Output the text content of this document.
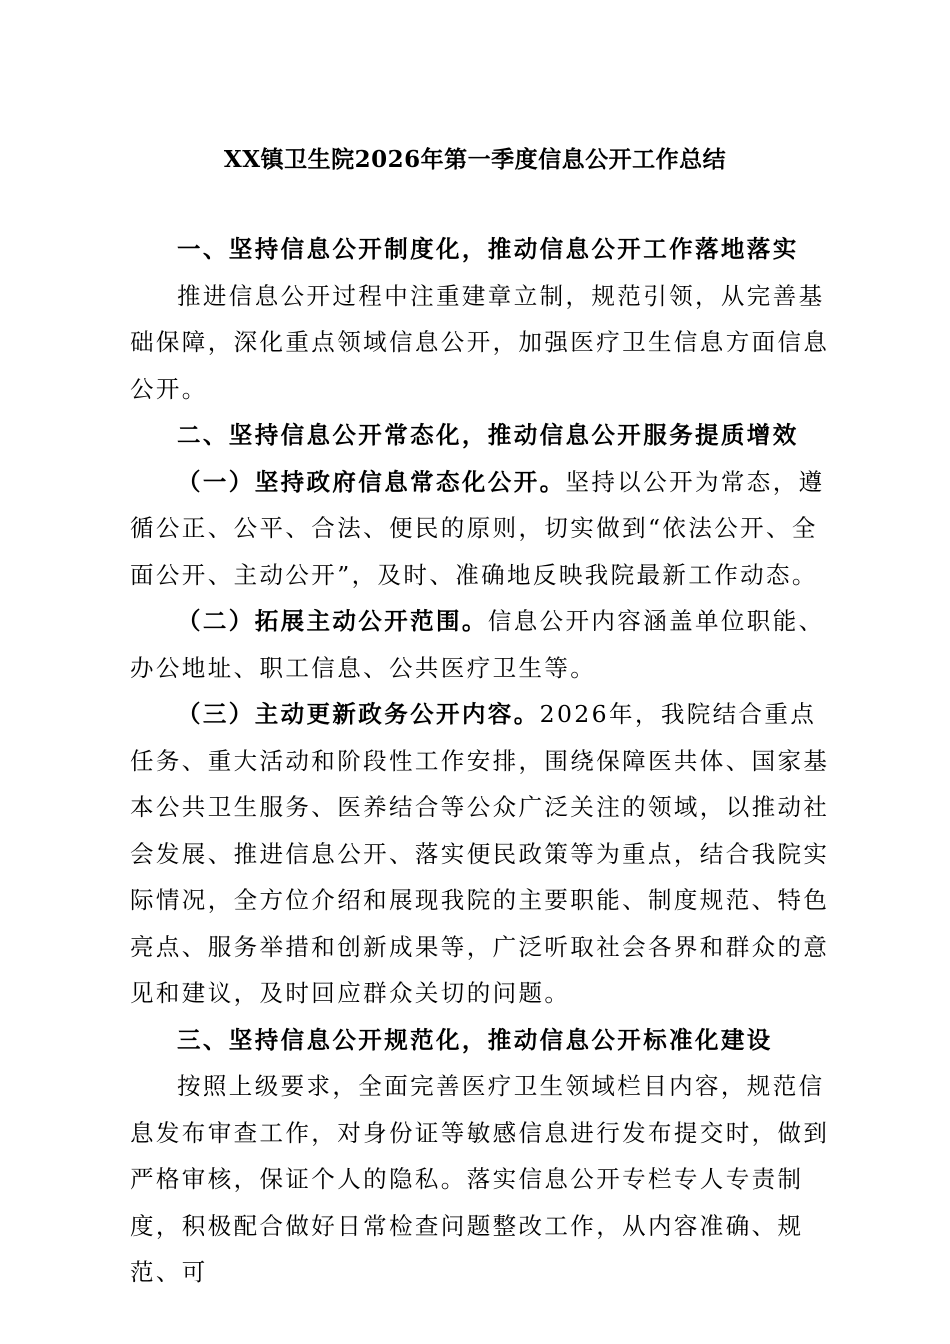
XX镇卫生院2026年第一季度信息公开工作总结

一、坚持信息公开制度化，推动信息公开工作落地落实

推进信息公开过程中注重建章立制，规范引领，从完善基础保障，深化重点领域信息公开，加强医疗卫生信息方面信息公开。

二、坚持信息公开常态化，推动信息公开服务提质增效

（一）坚持政府信息常态化公开。坚持以公开为常态，遵循公正、公平、合法、便民的原则，切实做到“依法公开、全面公开、主动公开”，及时、准确地反映我院最新工作动态。

（二）拓展主动公开范围。信息公开内容涵盖单位职能、办公地址、职工信息、公共医疗卫生等。

（三）主动更新政务公开内容。2026年，我院结合重点任务、重大活动和阶段性工作安排，围绕保障医共体、国家基本公共卫生服务、医养结合等公众广泛关注的领域，以推动社会发展、推进信息公开、落实便民政策等为重点，结合我院实际情况，全方位介绍和展现我院的主要职能、制度规范、特色亮点、服务举措和创新成果等，广泛听取社会各界和群众的意见和建议，及时回应群众关切的问题。

三、坚持信息公开规范化，推动信息公开标准化建设

按照上级要求，全面完善医疗卫生领域栏目内容，规范信息发布审查工作，对身份证等敏感信息进行发布提交时，做到严格审核，保证个人的隐私。落实信息公开专栏专人专责制度，积极配合做好日常检查问题整改工作，从内容准确、规范、可
